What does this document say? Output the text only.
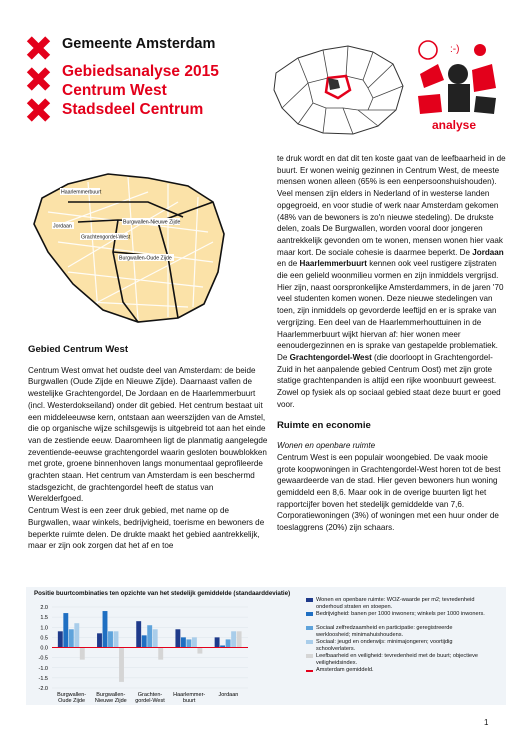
Gemeente Amsterdam
Gebiedsanalyse 2015
Centrum West
Stadsdeel Centrum
:-)
analyse
Haarlemmerbuurt
Jordaan
Burgwallen-Nieuwe Zijde
Grachtengordel-West
Burgwallen-Oude Zijde
Gebied Centrum West

Centrum West omvat het oudste deel van Amsterdam: de beide Burgwallen (Oude Zijde en Nieuwe Zijde). Daarnaast vallen de westelijke Grachtengordel, De Jordaan en de Haarlemmerbuurt (incl. Westerdokseiland) onder dit gebied. Het centrum bestaat uit een middeleeuwse kern, ontstaan aan weerszijden van de Amstel, die op organische wijze schilsgewijs is uitgebreid tot aan het einde van de zestiende eeuw. Daaromheen ligt de planmatig aangelegde zeventiende-eeuwse grachtengordel waarin gesloten bouwblokken met grote, groene binnenhoven langs monumentaal geprofileerde grachten staan. Het centrum van Amsterdam is een beschermd stadsgezicht, de grachtengordel heeft de status van Werelderfgoed.

Centrum West is een zeer druk gebied, met name op de Burgwallen, waar winkels, bedrijvigheid, toerisme en bewoners de beperkte ruimte delen. De drukte maakt het gebied aantrekkelijk, maar er zijn ook zorgen dat het af en toe

te druk wordt en dat dit ten koste gaat van de leefbaarheid in de buurt. Er wonen weinig gezinnen in Centrum West, de meeste mensen wonen alleen (65% is een eenpersoonshuishouden). Veel mensen zijn elders in Nederland of in westerse landen opgegroeid, en voor studie of werk naar Amsterdam gekomen (48% van de bewoners is zo'n nieuwe stedeling). De drukste delen, zoals De Burgwallen, worden vooral door jongeren aantrekkelijk gevonden om te wonen, mensen wonen hier vaak maar kort. De sociale cohesie is daarmee beperkt. De Jordaan en de Haarlemmerbuurt kennen ook veel rustigere zijstraten die een gelield woonmilieu vormen en zijn inmiddels vergrijsd. Hier zijn, naast oorspronkelijke Amsterdammers, in de jaren '70 veel studenten komen wonen. Deze nieuwe stedelingen van toen, zijn inmiddels op gevorderde leeftijd en er is sprake van vergrijzing. Een deel van de Haarlemmerhouttuinen in de Haarlemmerbuurt wijkt hiervan af: hier wonen meer eenoudergezinnen en is sprake van gestapelde problematiek. De Grachtengordel-West (die doorloopt in Grachtengordel-Zuid in het aanpalende gebied Centrum Oost) met zijn grote statige grachtenpanden is altijd een rijke woonbuurt geweest. Zowel op fysiek als op sociaal gebied staat deze buurt er goed voor.

Ruimte en economie

Wonen en openbare ruimte

Centrum West is een populair woongebied. De vaak mooie grote koopwoningen in Grachtengordel-West horen tot de best gewaardeerde van de stad. Hier geven bewoners hun woning gemiddeld een 8,6. Maar ook in de overige buurten ligt het rapportcijfer boven het stedelijk gemiddelde van 7,6. Corporatiewoningen (3%) of woningen met een huur onder de toeslaggrens (20%) zijn schaars.

Positie buurtcombinaties ten opzichte van het stedelijk gemiddelde (standaarddeviatie)
2.0
1.5
1.0
0.5
0.0
-0.5
-1.0
-1.5
-2.0
Burgwallen-
Oude Zijde
Burgwallen-
Nieuwe Zijde
Grachten-
gordel-West
Haarlemmer-
buurt
Jordaan
Wonen en openbare ruimte: WOZ-waarde per m2; tevredenheid onderhoud straten en stoepen.
Bedrijvigheid: banen per 1000 inwoners; winkels per 1000 inwoners.
Sociaal zelfredzaamheid en participatie: geregistreerde werkloosheid; minimahuishoudens.
Sociaal: jeugd en onderwijs: minimajongeren; voortijdig schoolverlaters.
Leefbaarheid en veiligheid: tevredenheid met de buurt; objectieve veiligheidsindex.
Amsterdam gemiddeld.
1
